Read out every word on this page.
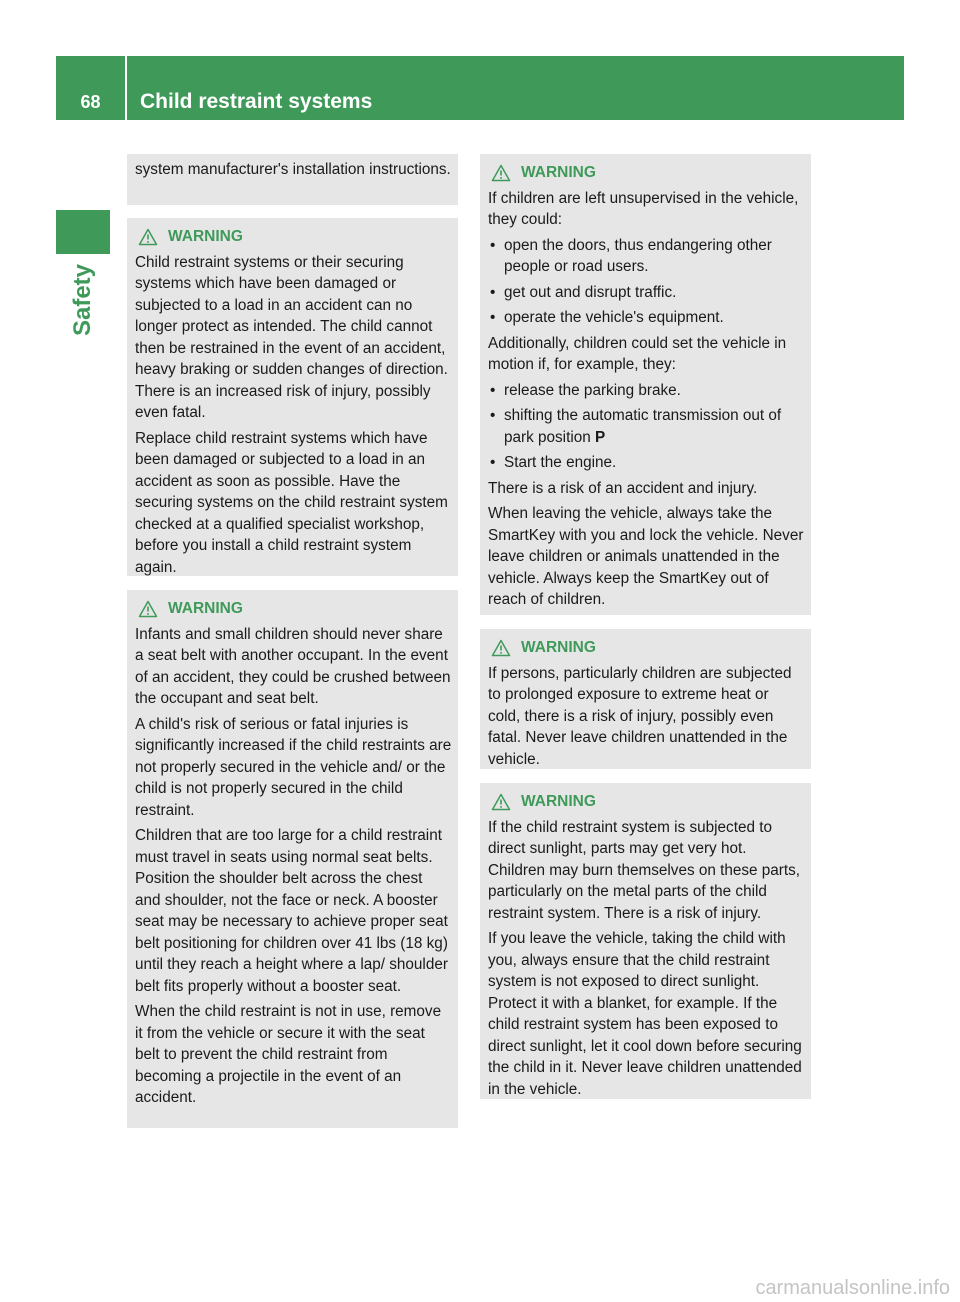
68	Child restraint systems
Safety

system manufacturer's installation instructions.

WARNING

Child restraint systems or their securing systems which have been damaged or subjected to a load in an accident can no longer protect as intended. The child cannot then be restrained in the event of an accident, heavy braking or sudden changes of direction. There is an increased risk of injury, possibly even fatal.

Replace child restraint systems which have been damaged or subjected to a load in an accident as soon as possible. Have the securing systems on the child restraint system checked at a qualified specialist workshop, before you install a child restraint system again.

WARNING

Infants and small children should never share a seat belt with another occupant. In the event of an accident, they could be crushed between the occupant and seat belt.

A child's risk of serious or fatal injuries is significantly increased if the child restraints are not properly secured in the vehicle and/ or the child is not properly secured in the child restraint.

Children that are too large for a child restraint must travel in seats using normal seat belts. Position the shoulder belt across the chest and shoulder, not the face or neck. A booster seat may be necessary to achieve proper seat belt positioning for children over 41 lbs (18 kg) until they reach a height where a lap/ shoulder belt fits properly without a booster seat.

When the child restraint is not in use, remove it from the vehicle or secure it with the seat belt to prevent the child restraint from becoming a projectile in the event of an accident.

WARNING

If children are left unsupervised in the vehicle, they could:

• open the doors, thus endangering other people or road users.
• get out and disrupt traffic.
• operate the vehicle's equipment.

Additionally, children could set the vehicle in motion if, for example, they:

• release the parking brake.
• shifting the automatic transmission out of park position P
• Start the engine.

There is a risk of an accident and injury.

When leaving the vehicle, always take the SmartKey with you and lock the vehicle. Never leave children or animals unattended in the vehicle. Always keep the SmartKey out of reach of children.

WARNING

If persons, particularly children are subjected to prolonged exposure to extreme heat or cold, there is a risk of injury, possibly even fatal. Never leave children unattended in the vehicle.

WARNING

If the child restraint system is subjected to direct sunlight, parts may get very hot. Children may burn themselves on these parts, particularly on the metal parts of the child restraint system. There is a risk of injury.

If you leave the vehicle, taking the child with you, always ensure that the child restraint system is not exposed to direct sunlight. Protect it with a blanket, for example. If the child restraint system has been exposed to direct sunlight, let it cool down before securing the child in it. Never leave children unattended in the vehicle.

carmanualsonline.info
